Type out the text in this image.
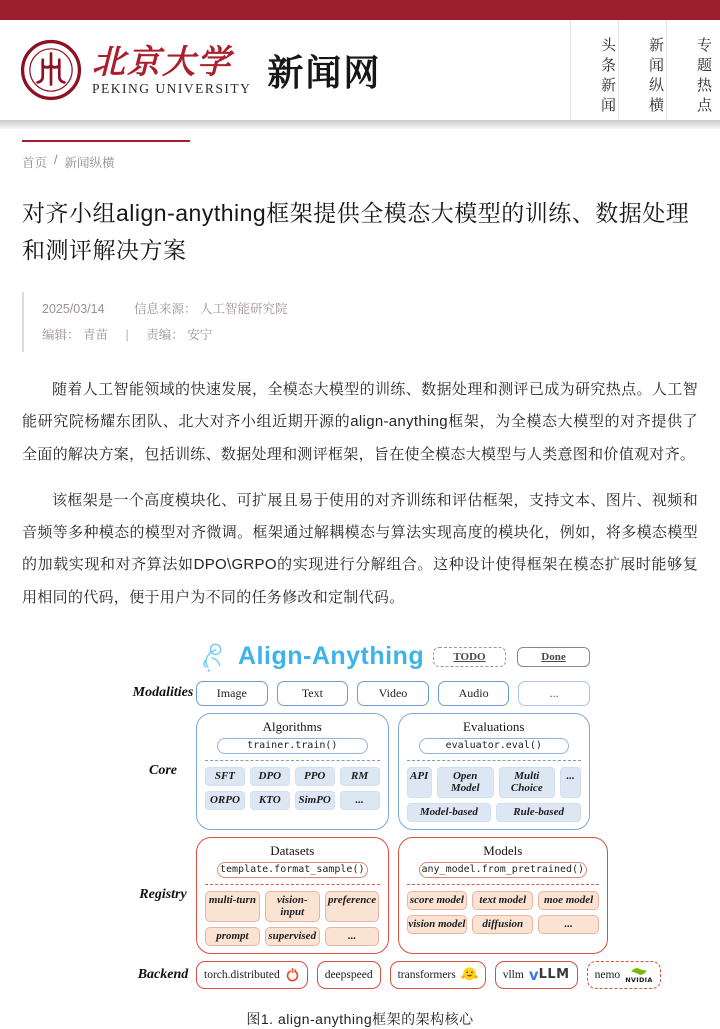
北京大学
PEKING UNIVERSITY 新闻网	头条新闻	新闻纵横	专题热点
首页 / 新闻纵横
对齐小组align-anything框架提供全模态大模型的训练、数据处理和测评解决方案
2025/03/14 信息来源： 人工智能研究院
编辑： 青苗 | 责编： 安宁

随着人工智能领域的快速发展，全模态大模型的训练、数据处理和测评已成为研究热点。人工智能研究院杨耀东团队、北大对齐小组近期开源的align-anything框架，为全模态大模型的对齐提供了全面的解决方案，包括训练、数据处理和测评框架，旨在使全模态大模型与人类意图和价值观对齐。

该框架是一个高度模块化、可扩展且易于使用的对齐训练和评估框架，支持文本、图片、视频和音频等多种模态的模型对齐微调。框架通过解耦模态与算法实现高度的模块化，例如，将多模态模型的加载实现和对齐算法如DPO\GRPO的实现进行分解组合。这种设计使得框架在模态扩展时能够复用相同的代码，便于用户为不同的任务修改和定制代码。

Align-Anything	TODO	Done
Modalities	Image	Text	Video	Audio	...
Core
Algorithms
trainer.train()
SFT	DPO	PPO	RM
ORPO	KTO	SimPO	...
Evaluations
evaluator.eval()
API	Open Model
Multi Choice
...
Model-based	Rule-based
Registry
Datasets
template.format_sample()
multi-turn	vision-input
preference
prompt	supervised	...
Models
any_model.from_pretrained()
score model	text model	moe model
vision model	diffusion	...
Backend	torch.distributed	deepspeed transformers	vllm v LLM nemo NVIDIA
图1. align-anything框架的架构核心
